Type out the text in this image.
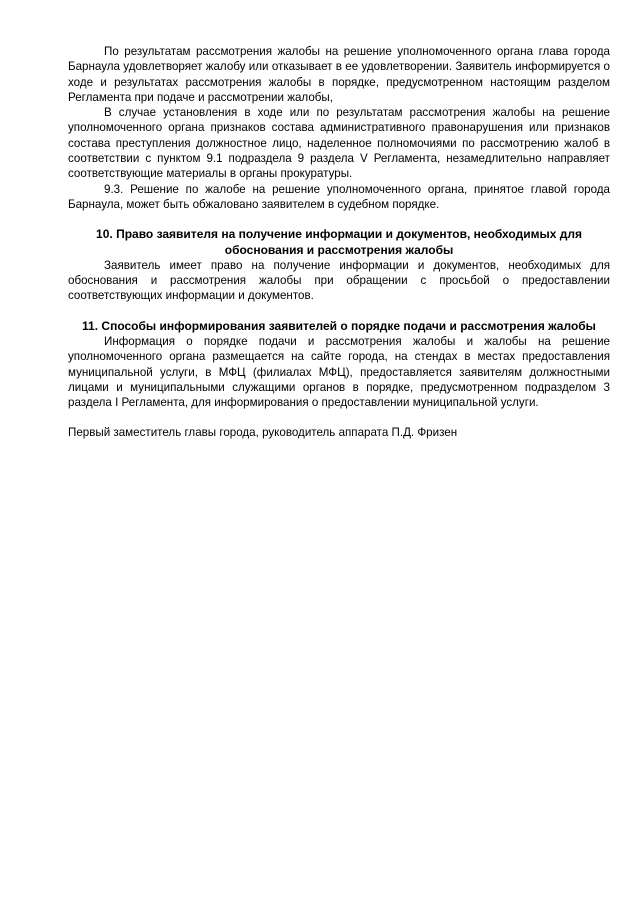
По результатам рассмотрения жалобы на решение уполномоченного органа глава города Барнаула удовлетворяет жалобу или отказывает в ее удовлетворении. Заявитель информируется о ходе и результатах рассмотрения жалобы в порядке, предусмотренном настоящим разделом Регламента при подаче и рассмотрении жалобы,

В случае установления в ходе или по результатам рассмотрения жалобы на решение уполномоченного органа признаков состава административного правонарушения или признаков состава преступления должностное лицо, наделенное полномочиями по рассмотрению жалоб в соответствии с пунктом 9.1 подраздела 9 раздела V Регламента, незамедлительно направляет соответствующие материалы в органы прокуратуры.

9.3. Решение по жалобе на решение уполномоченного органа, принятое главой города Барнаула, может быть обжаловано заявителем в судебном порядке.

10. Право заявителя на получение информации и документов, необходимых для обоснования и рассмотрения жалобы

Заявитель имеет право на получение информации и документов, необходимых для обоснования и рассмотрения жалобы при обращении с просьбой о предоставлении соответствующих информации и документов.

11. Способы информирования заявителей о порядке подачи и рассмотрения жалобы

Информация о порядке подачи и рассмотрения жалобы и жалобы на решение уполномоченного органа размещается на сайте города, на стендах в местах предоставления муниципальной услуги, в МФЦ (филиалах МФЦ), предоставляется заявителям должностными лицами и муниципальными служащими органов в порядке, предусмотренном подразделом 3 раздела I Регламента, для информирования о предоставлении муниципальной услуги.

Первый заместитель главы города, руководитель аппарата П.Д. Фризен
